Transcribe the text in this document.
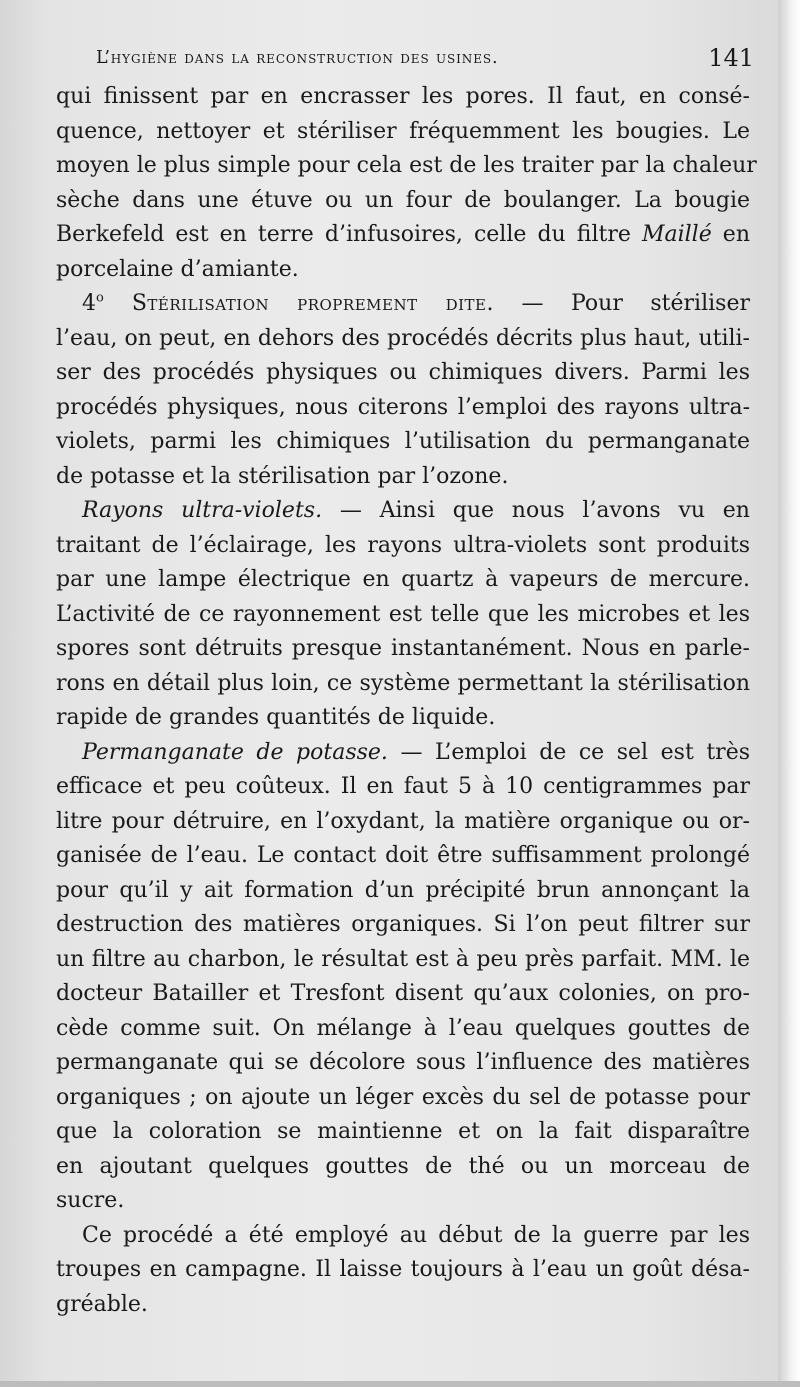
L’hygiène dans la reconstruction des usines.	141
qui finissent par en encrasser les pores. Il faut, en consé-
quence, nettoyer et stériliser fréquemment les bougies. Le
moyen le plus simple pour cela est de les traiter par la chaleur
sèche dans une étuve ou un four de boulanger. La bougie
Berkefeld est en terre d’infusoires, celle du filtre Maillé en
porcelaine d’amiante.
4$^o$ Stérilisation proprement dite. — Pour stériliser
l’eau, on peut, en dehors des procédés décrits plus haut, utili-
ser des procédés physiques ou chimiques divers. Parmi les
procédés physiques, nous citerons l’emploi des rayons ultra-
violets, parmi les chimiques l’utilisation du permanganate
de potasse et la stérilisation par l’ozone.
Rayons ultra-violets. — Ainsi que nous l’avons vu en
traitant de l’éclairage, les rayons ultra-violets sont produits
par une lampe électrique en quartz à vapeurs de mercure.
L’activité de ce rayonnement est telle que les microbes et les
spores sont détruits presque instantanément. Nous en parle-
rons en détail plus loin, ce système permettant la stérilisation
rapide de grandes quantités de liquide.
Permanganate de potasse. — L’emploi de ce sel est très
efficace et peu coûteux. Il en faut 5 à 10 centigrammes par
litre pour détruire, en l’oxydant, la matière organique ou or-
ganisée de l’eau. Le contact doit être suffisamment prolongé
pour qu’il y ait formation d’un précipité brun annonçant la
destruction des matières organiques. Si l’on peut filtrer sur
un filtre au charbon, le résultat est à peu près parfait. MM. le
docteur Batailler et Tresfont disent qu’aux colonies, on pro-
cède comme suit. On mélange à l’eau quelques gouttes de
permanganate qui se décolore sous l’influence des matières
organiques ; on ajoute un léger excès du sel de potasse pour
que la coloration se maintienne et on la fait disparaître
en ajoutant quelques gouttes de thé ou un morceau de
sucre.
Ce procédé a été employé au début de la guerre par les
troupes en campagne. Il laisse toujours à l’eau un goût désa-
gréable.
